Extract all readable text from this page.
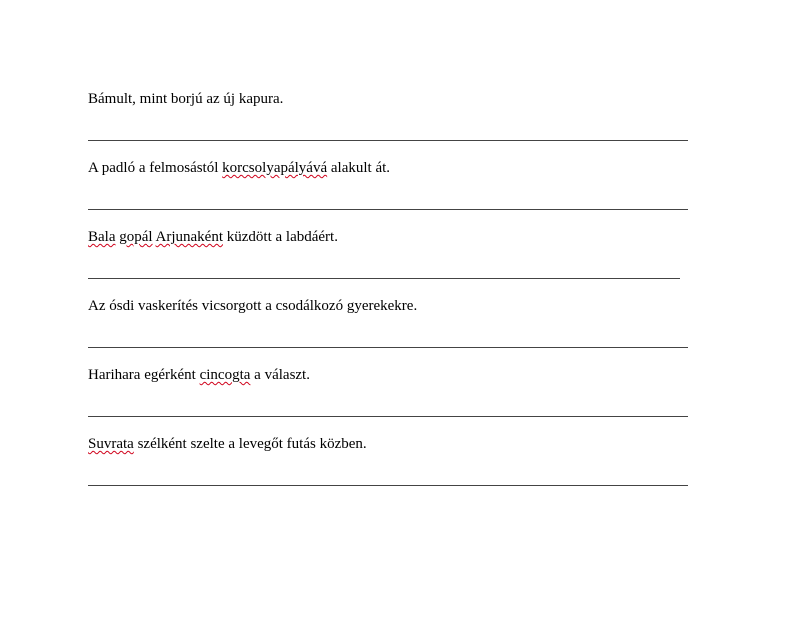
Bámult, mint borjú az új kapura.
A padló a felmosástól korcsolyapályává alakult át.
Bala gopál Arjunaként küzdött a labdáért.
Az ósdi vaskerítés vicsorgott a csodálkozó gyerekekre.
Harihara egérként cincogta a választ.
Suvrata szélként szelte a levegőt futás közben.
